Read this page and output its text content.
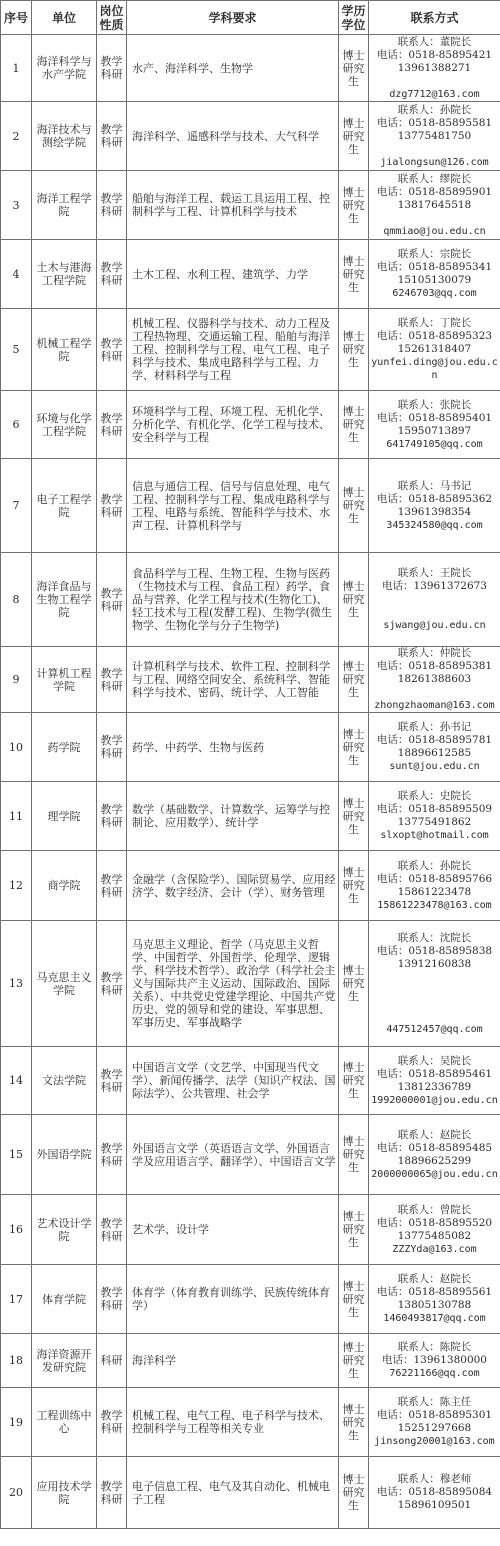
序号	单位	岗位性质	学科要求	学历学位	联系方式
1	海洋科学与水产学院	教学科研	水产、海洋科学、生物学	博士研究生	联系人：董院长
电话：0518-85895421
13961388271

dzg7712@163.com

2	海洋技术与测绘学院	教学科研	海洋科学、遥感科学与技术、大气科学	博士研究生	联系人：孙院长
电话：0518-85895581
13775481750

jialongsun@126.com

3	海洋工程学院	教学科研	船舶与海洋工程、载运工具运用工程、控制科学与工程、计算机科学与技术	博士研究生	联系人：缪院长
电话：0518-85895901
13817645518

qmmiao@jou.edu.cn

4	土木与港海工程学院	教学科研	土木工程、水利工程、建筑学、力学	博士研究生	联系人：宗院长
电话：0518-85895341
15105130079
6246703@qq.com

5	机械工程学院	教学科研	机械工程、仪器科学与技术、动力工程及工程热物理、交通运输工程、船舶与海洋工程、控制科学与工程、电气工程、电子科学与技术、集成电路科学与工程、力学、材料科学与工程	博士研究生	联系人：丁院长
电话：0518-85895323
15261318407
yunfei.ding@jou.edu.cn

6	环境与化学工程学院	教学科研	环境科学与工程、环境工程、无机化学、分析化学、有机化学、化学工程与技术、安全科学与工程	博士研究生	联系人：张院长
电话：0518-85895401
15950713897
641749105@qq.com

7	电子工程学院	教学科研	信息与通信工程、信号与信息处理、电气工程、控制科学与工程、集成电路科学与工程、电路与系统、智能科学与技术、水声工程、计算机科学与	博士研究生	联系人：马书记
电话：0518-85895362
13961398354
345324580@qq.com

8	海洋食品与生物工程学院	教学科研	食品科学与工程、生物工程、生物与医药（生物技术与工程、食品工程）药学、食品与营养、化学工程与技术(生物化工)、轻工技术与工程(发酵工程)、生物学(微生物学、生物化学与分子生物学)	博士研究生	联系人：王院长
电话：13961372673

sjwang@jou.edu.cn

9	计算机工程学院	教学科研	计算机科学与技术、软件工程、控制科学与工程、网络空间安全、系统科学、智能科学与技术、密码、统计学、人工智能	博士研究生	联系人：仲院长
电话：0518-85895381
18261388603

zhongzhaoman@163.com

10	药学院	教学科研	药学、中药学、生物与医药	博士研究生	联系人：孙书记
电话：0518-85895781
18896612585
sunt@jou.edu.cn

11	理学院	教学科研	数学（基础数学、计算数学、运筹学与控制论、应用数学）、统计学	博士研究生	联系人：史院长
电话：0518-85895509
13775491862
slxopt@hotmail.com

12	商学院	教学科研	金融学（含保险学）、国际贸易学、应用经济学、数字经济、会计（学）、财务管理	博士研究生	联系人：孙院长
电话：0518-85895766
15861223478
15861223478@163.com

13	马克思主义学院	教学科研	马克思主义理论、哲学（马克思主义哲学、中国哲学、外国哲学、伦理学、逻辑学、科学技术哲学）、政治学（科学社会主义与国际共产主义运动、国际政治、国际关系）、中共党史党建学理论、中国共产党历史、党的领导和党的建设、军事思想、军事历史、军事战略学	博士研究生	联系人：沈院长
电话：0518-85895838
13912160838

447512457@qq.com

14	文法学院	教学科研	中国语言文学（文艺学、中国现当代文学）、新闻传播学、法学（知识产权法、国际法学）、公共管理、社会学	博士研究生	联系人：吴院长
电话：0518-85895461
13812336789
1992000001@jou.edu.cn

15	外国语学院	教学科研	外国语言文学（英语语言文学、外国语言学及应用语言学、翻译学）、中国语言文学	博士研究生	联系人：赵院长
电话：0518-85895485
18896625299
2000000065@jou.edu.cn

16	艺术设计学院	教学科研	艺术学、设计学	博士研究生	联系人：曾院长
电话：0518-85895520
13775485082
ZZZYda@163.com

17	体育学院	教学科研	体育学（体育教育训练学、民族传统体育学）	博士研究生	联系人：赵院长
电话：0518-85895561
13805130788
1460493817@qq.com

18	海洋资源开发研究院	科研	海洋科学	博士研究生	联系人：陈院长
电话：13961380000
76221166@qq.com

19	工程训练中心	教学科研	机械工程、电气工程、电子科学与技术、控制科学与工程等相关专业	博士研究生	联系人：陈主任
电话：0518-85895301
15251297668
jinsong20001@163.com

20	应用技术学院	教学科研	电子信息工程、电气及其自动化、机械电子工程	博士研究生	联系人：穆老师
电话：0518-85895084
15896109501
